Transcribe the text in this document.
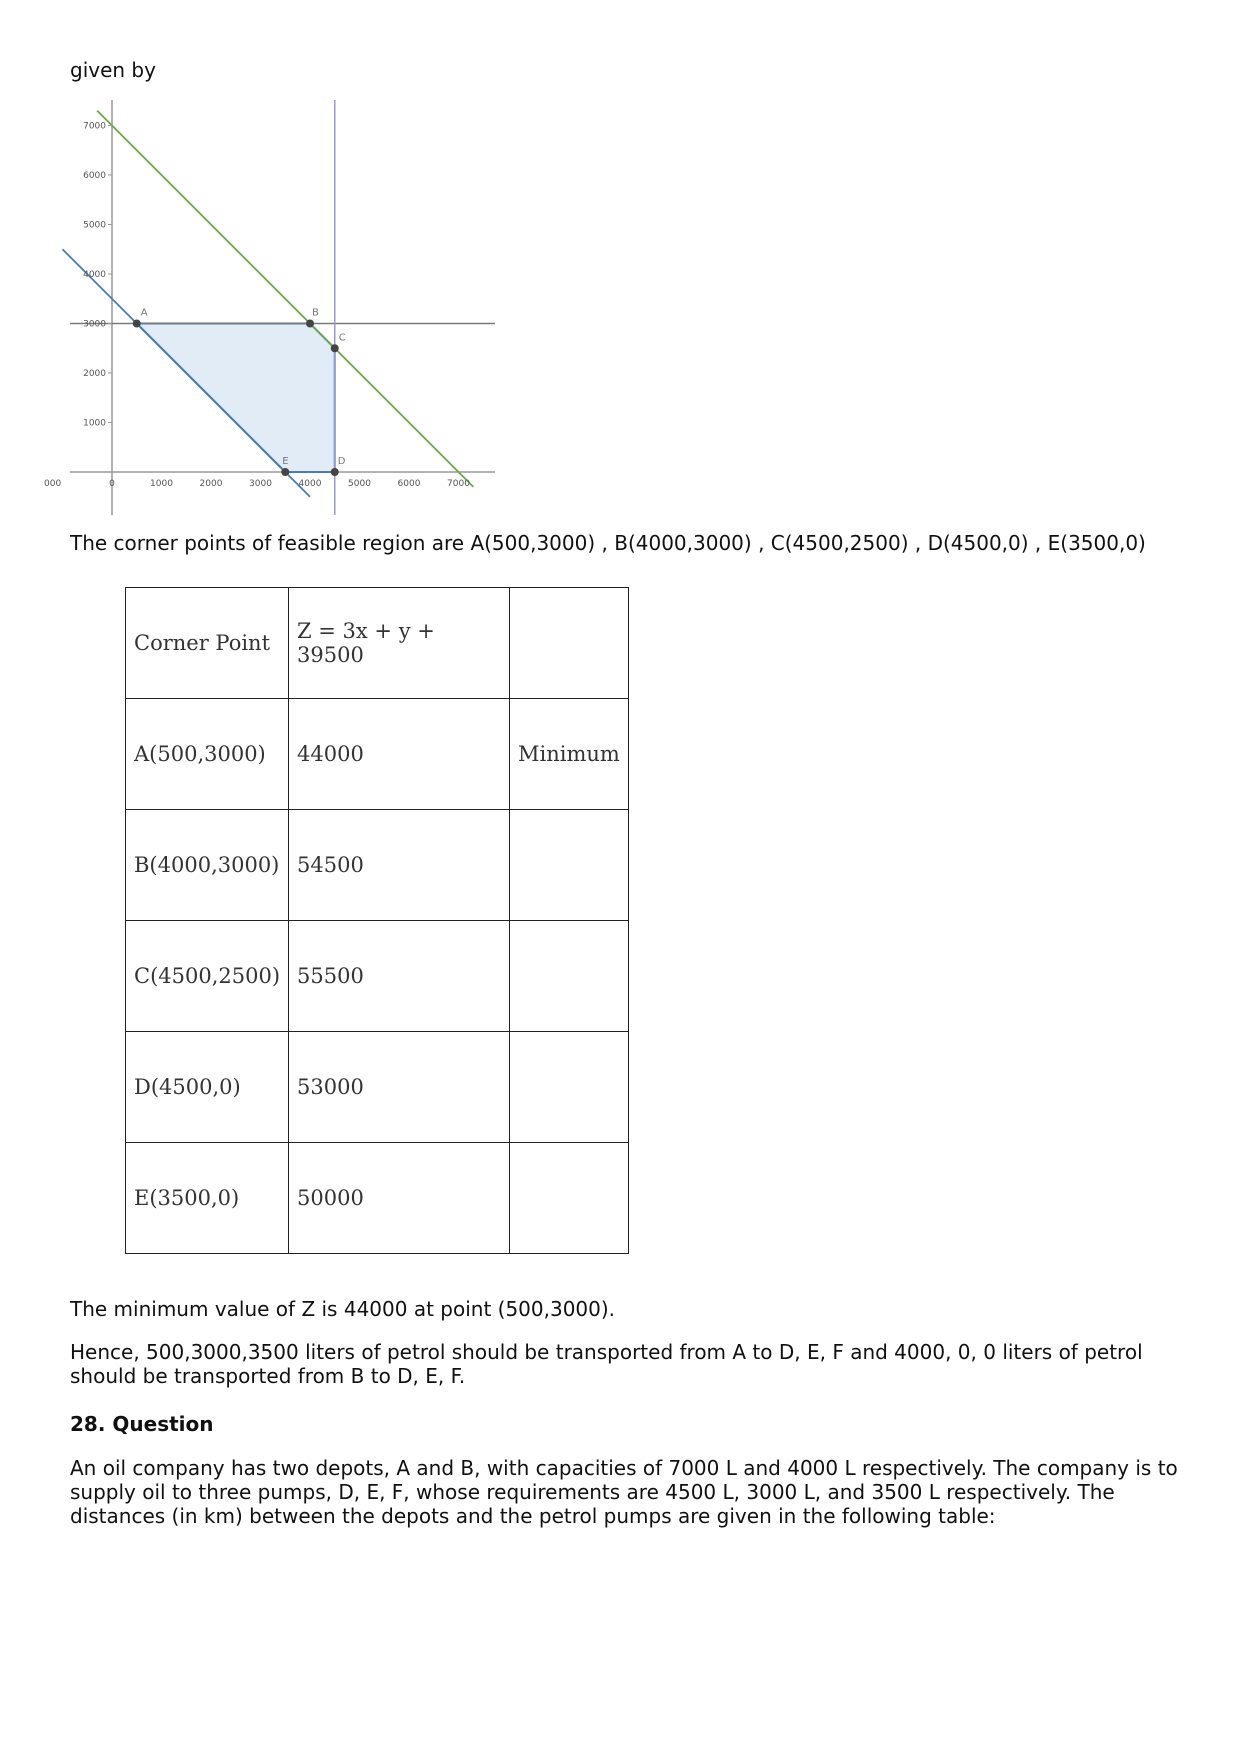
given by

000	0	1000	2000	3000	4000	5000	6000	7000
1000
2000
3000
4000
5000
6000
7000
A	B
C
D
E

The corner points of feasible region are A(500,3000) , B(4000,3000) , C(4500,2500) , D(4500,0) , E(3500,0)

Corner Point	Z = 3x + y + 39500	
A(500,3000)	44000	Minimum
B(4000,3000)	54500	
C(4500,2500)	55500	
D(4500,0)	53000	
E(3500,0)	50000	

The minimum value of Z is 44000 at point (500,3000).

Hence, 500,3000,3500 liters of petrol should be transported from A to D, E, F and 4000, 0, 0 liters of petrol should be transported from B to D, E, F.

28. Question

An oil company has two depots, A and B, with capacities of 7000 L and 4000 L respectively. The company is to supply oil to three pumps, D, E, F, whose requirements are 4500 L, 3000 L, and 3500 L respectively. The distances (in km) between the depots and the petrol pumps are given in the following table:
